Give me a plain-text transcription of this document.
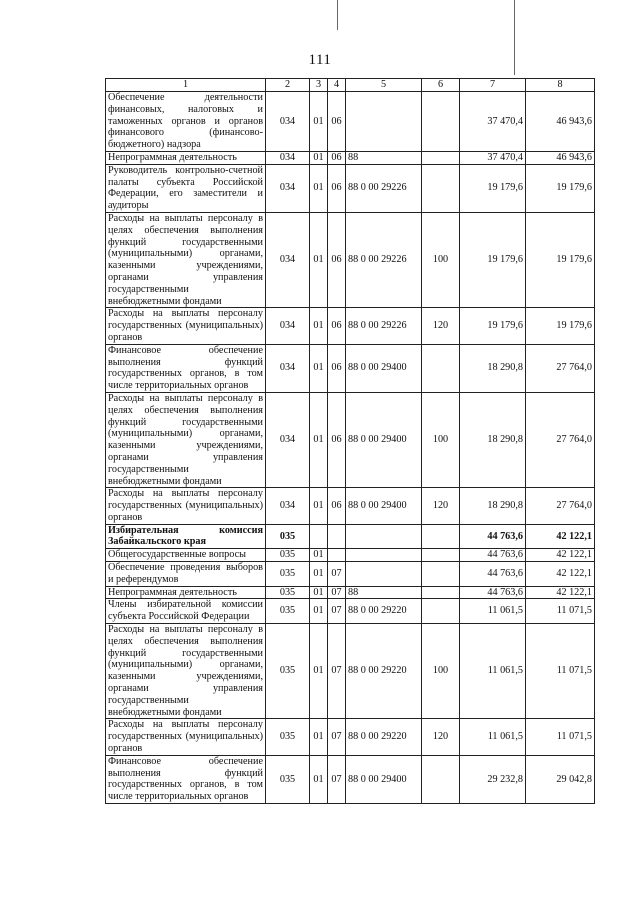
111
1	2	3	4	5	6	7	8
Обеспечение деятельности финансовых, налоговых и таможенных органов и органов финансового (финансово-бюджетного) надзора	034	01	06			37 470,4	46 943,6
Непрограммная деятельность	034	01	06	88		37 470,4	46 943,6
Руководитель контрольно-счетной палаты субъекта Российской Федерации, его заместители и аудиторы	034	01	06	88 0 00 29226		19 179,6	19 179,6
Расходы на выплаты персоналу в целях обеспечения выполнения функций государственными (муниципальными) органами, казенными учреждениями, органами управления государственными внебюджетными фондами	034	01	06	88 0 00 29226	100	19 179,6	19 179,6
Расходы на выплаты персоналу государственных (муниципальных) органов	034	01	06	88 0 00 29226	120	19 179,6	19 179,6
Финансовое обеспечение выполнения функций государственных органов, в том числе территориальных органов	034	01	06	88 0 00 29400		18 290,8	27 764,0
Расходы на выплаты персоналу в целях обеспечения выполнения функций государственными (муниципальными) органами, казенными учреждениями, органами управления государственными внебюджетными фондами	034	01	06	88 0 00 29400	100	18 290,8	27 764,0
Расходы на выплаты персоналу государственных (муниципальных) органов	034	01	06	88 0 00 29400	120	18 290,8	27 764,0
Избирательная комиссия Забайкальского края	035					44 763,6	42 122,1
Общегосударственные вопросы	035	01				44 763,6	42 122,1
Обеспечение проведения выборов и референдумов	035	01	07			44 763,6	42 122,1
Непрограммная деятельность	035	01	07	88		44 763,6	42 122,1
Члены избирательной комиссии субъекта Российской Федерации	035	01	07	88 0 00 29220		11 061,5	11 071,5
Расходы на выплаты персоналу в целях обеспечения выполнения функций государственными (муниципальными) органами, казенными учреждениями, органами управления государственными внебюджетными фондами	035	01	07	88 0 00 29220	100	11 061,5	11 071,5
Расходы на выплаты персоналу государственных (муниципальных) органов	035	01	07	88 0 00 29220	120	11 061,5	11 071,5
Финансовое обеспечение выполнения функций государственных органов, в том числе территориальных органов	035	01	07	88 0 00 29400		29 232,8	29 042,8
